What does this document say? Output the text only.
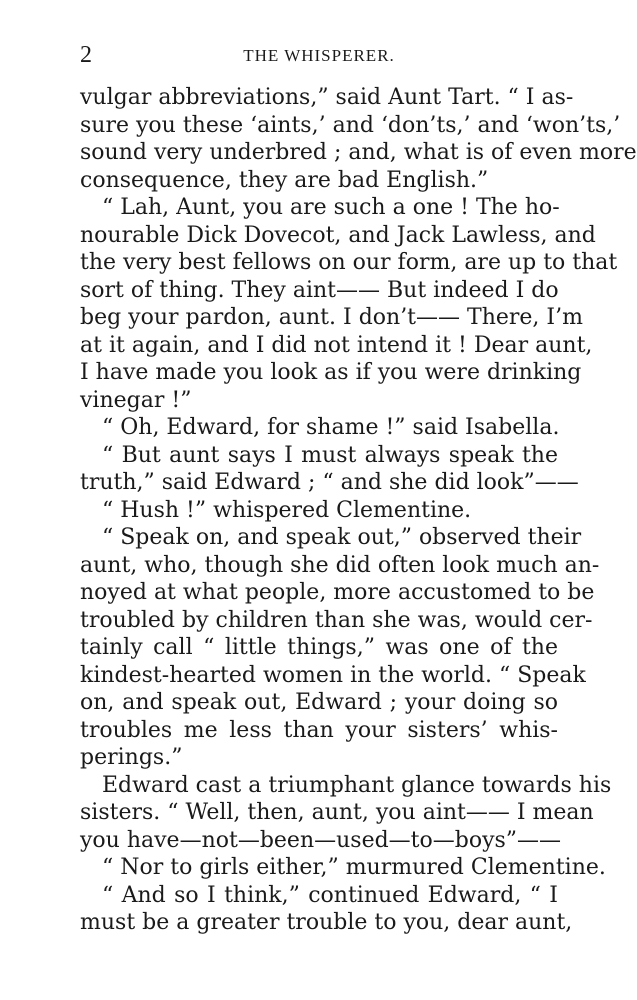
2	THE WHISPERER.
vulgar abbreviations,” said Aunt Tart. “ I as-
sure you these ‘aints,’ and ‘don’ts,’ and ‘won’ts,’
sound very underbred ; and, what is of even more
consequence, they are bad English.”
“ Lah, Aunt, you are such a one ! The ho-
nourable Dick Dovecot, and Jack Lawless, and
the very best fellows on our form, are up to that
sort of thing. They aint—— But indeed I do
beg your pardon, aunt. I don’t—— There, I’m
at it again, and I did not intend it ! Dear aunt,
I have made you look as if you were drinking
vinegar !”
“ Oh, Edward, for shame !” said Isabella.
“ But aunt says I must always speak the
truth,” said Edward ; “ and she did look”——
“ Hush !” whispered Clementine.
“ Speak on, and speak out,” observed their
aunt, who, though she did often look much an-
noyed at what people, more accustomed to be
troubled by children than she was, would cer-
tainly call “ little things,” was one of the
kindest-hearted women in the world. “ Speak
on, and speak out, Edward ; your doing so
troubles me less than your sisters’ whis-
perings.”
Edward cast a triumphant glance towards his
sisters. “ Well, then, aunt, you aint—— I mean
you have—not—been—used—to—boys”——
“ Nor to girls either,” murmured Clementine.
“ And so I think,” continued Edward, “ I
must be a greater trouble to you, dear aunt,
